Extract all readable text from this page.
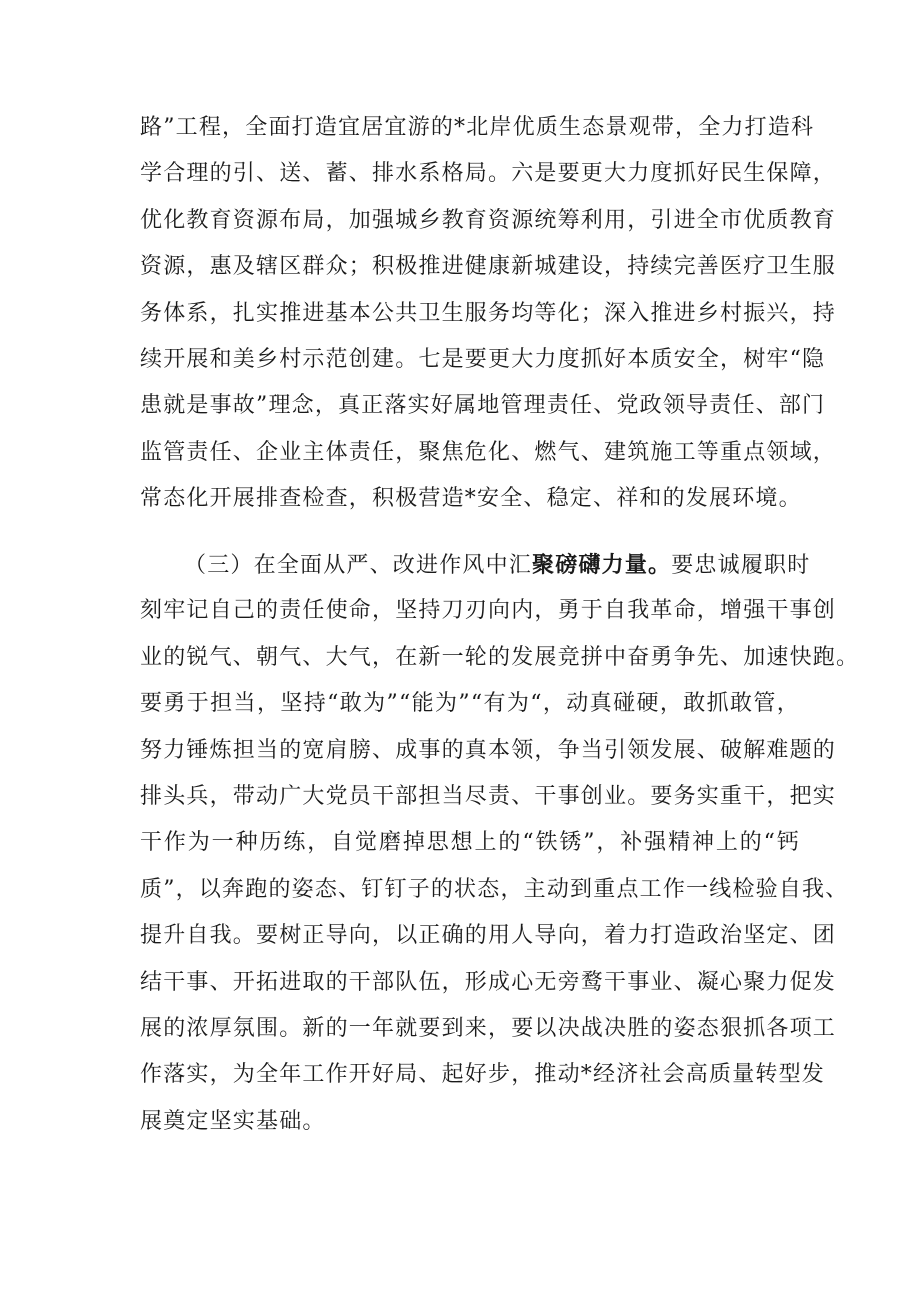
路”工程，全面打造宜居宜游的*北岸优质生态景观带，全力打造科
学合理的引、送、蓄、排水系格局。六是要更大力度抓好民生保障，
优化教育资源布局，加强城乡教育资源统筹利用，引进全市优质教育
资源，惠及辖区群众；积极推进健康新城建设，持续完善医疗卫生服
务体系，扎实推进基本公共卫生服务均等化；深入推进乡村振兴，持
续开展和美乡村示范创建。七是要更大力度抓好本质安全，树牢“隐
患就是事故”理念，真正落实好属地管理责任、党政领导责任、部门
监管责任、企业主体责任，聚焦危化、燃气、建筑施工等重点领域，
常态化开展排查检查，积极营造*安全、稳定、祥和的发展环境。
（三）在全面从严、改进作风中汇聚磅礴力量。要忠诚履职时
刻牢记自己的责任使命，坚持刀刃向内，勇于自我革命，增强干事创
业的锐气、朝气、大气，在新一轮的发展竞拼中奋勇争先、加速快跑。
要勇于担当，坚持“敢为”“能为”“有为“，动真碰硬，敢抓敢管，
努力锤炼担当的宽肩膀、成事的真本领，争当引领发展、破解难题的
排头兵，带动广大党员干部担当尽责、干事创业。要务实重干，把实
干作为一种历练，自觉磨掉思想上的“铁锈”，补强精神上的“钙
质”，以奔跑的姿态、钉钉子的状态，主动到重点工作一线检验自我、
提升自我。要树正导向，以正确的用人导向，着力打造政治坚定、团
结干事、开拓进取的干部队伍，形成心无旁鹜干事业、凝心聚力促发
展的浓厚氛围。新的一年就要到来，要以决战决胜的姿态狠抓各项工
作落实，为全年工作开好局、起好步，推动*经济社会高质量转型发
展奠定坚实基础。
